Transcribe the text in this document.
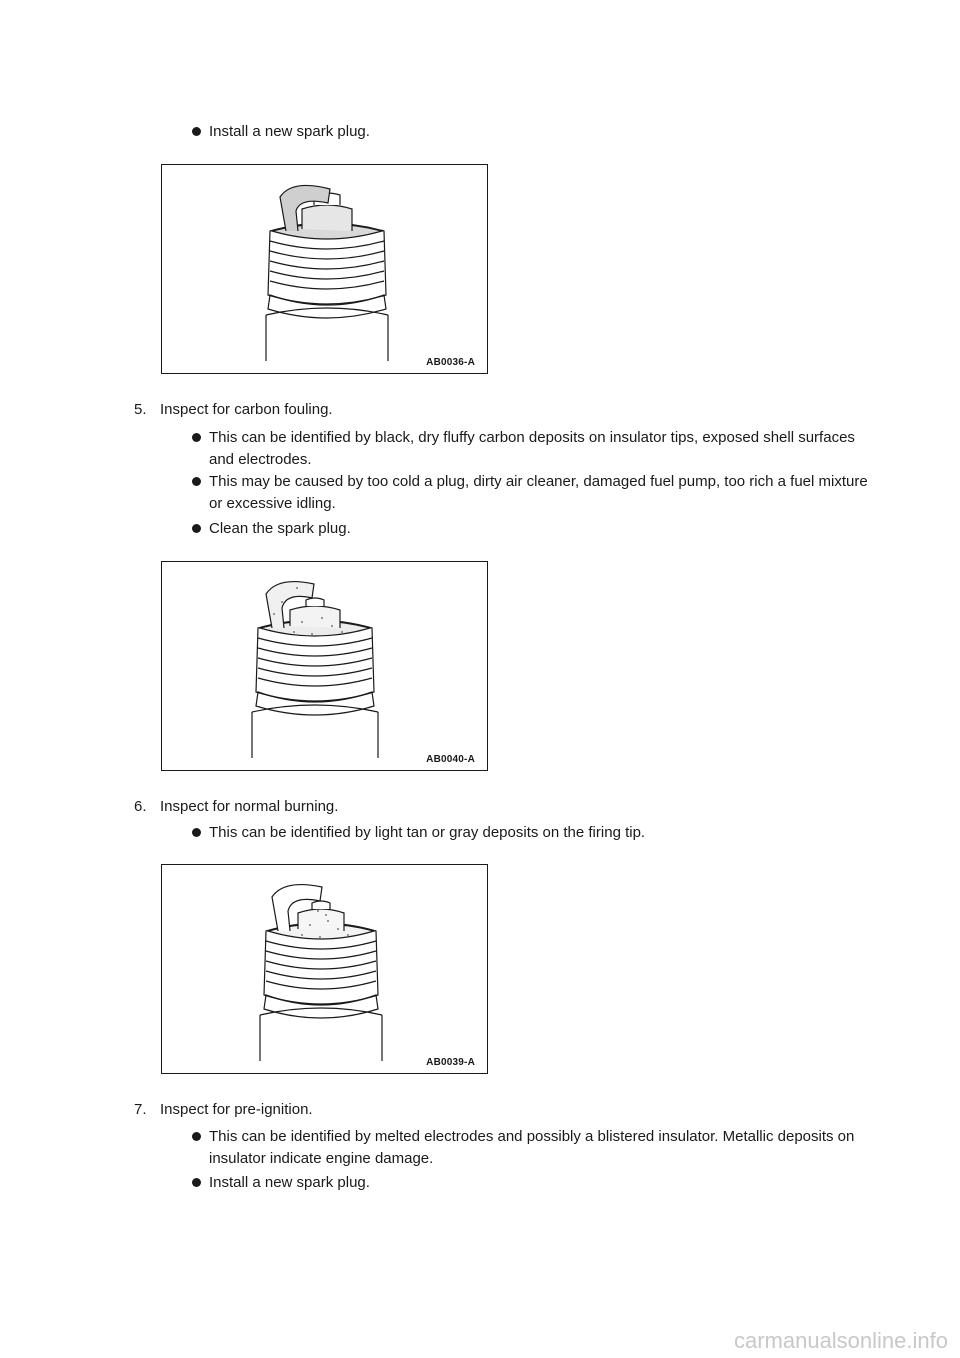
Install a new spark plug.
AB0036-A
5. Inspect for carbon fouling.
This can be identified by black, dry fluffy carbon deposits on insulator tips, exposed shell surfaces and electrodes.
This may be caused by too cold a plug, dirty air cleaner, damaged fuel pump, too rich a fuel mixture or excessive idling.
Clean the spark plug.
AB0040-A
6. Inspect for normal burning.
This can be identified by light tan or gray deposits on the firing tip.
AB0039-A
7. Inspect for pre-ignition.
This can be identified by melted electrodes and possibly a blistered insulator. Metallic deposits on insulator indicate engine damage.
Install a new spark plug.
carmanualsonline.info
